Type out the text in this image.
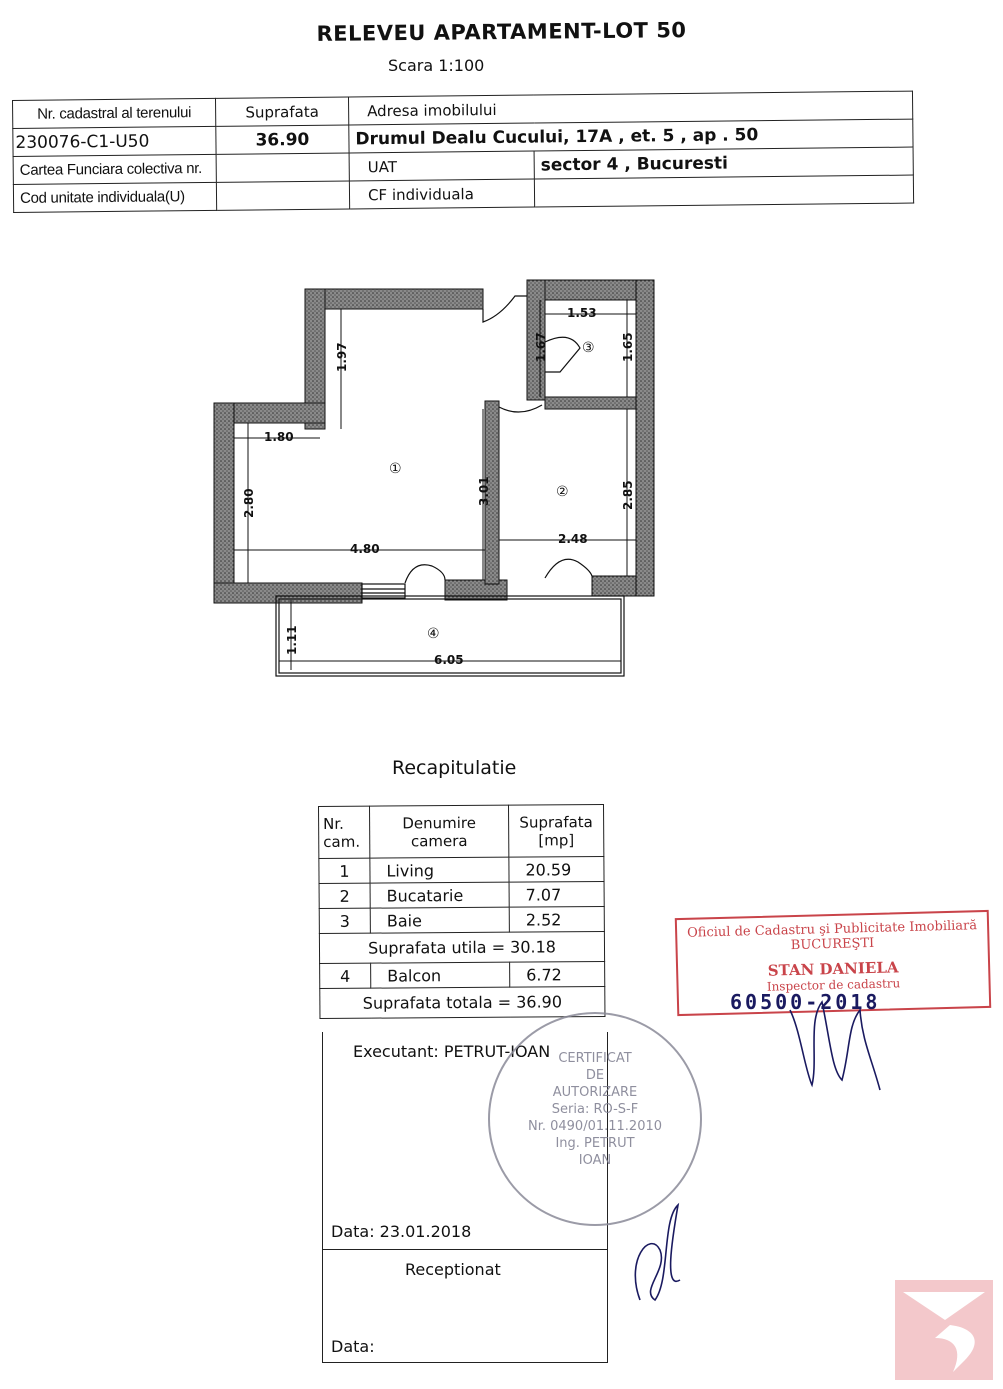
RELEVEU APARTAMENT-LOT 50
Scara 1:100
Nr. cadastral al terenului	Suprafata	Adresa imobilului	
230076-C1-U50	36.90	Drumul Dealu Cucului, 17A , et. 5 , ap . 50	
Cartea Funciara colectiva nr.		UAT	sector 4 , Bucuresti
Cod unitate individuala(U)		CF individuala	
1.97
1.80
2.80
4.80
3.01
1.53
1.67	1.65
2.85
2.48
1.11
6.05
①
②
③
④
Recapitulatie
Nr. cam.	Denumire camera	Suprafata [mp]
1	Living	20.59
2	Bucatarie	7.07
3	Baie	2.52
Suprafata utila = 30.18		
4	Balcon	6.72
Suprafata totala = 36.90		
Executant: PETRUT-IOAN
Data: 23.01.2018
Receptionat
Data:
CERTIFICAT
DE
AUTORIZARE
Seria: RO-S-F
Nr. 0490/01.11.2010
Ing. PETRUT
IOAN
Oficiul de Cadastru şi Publicitate Imobiliară
BUCUREŞTI
STAN DANIELA
Inspector de cadastru
60500-2018
